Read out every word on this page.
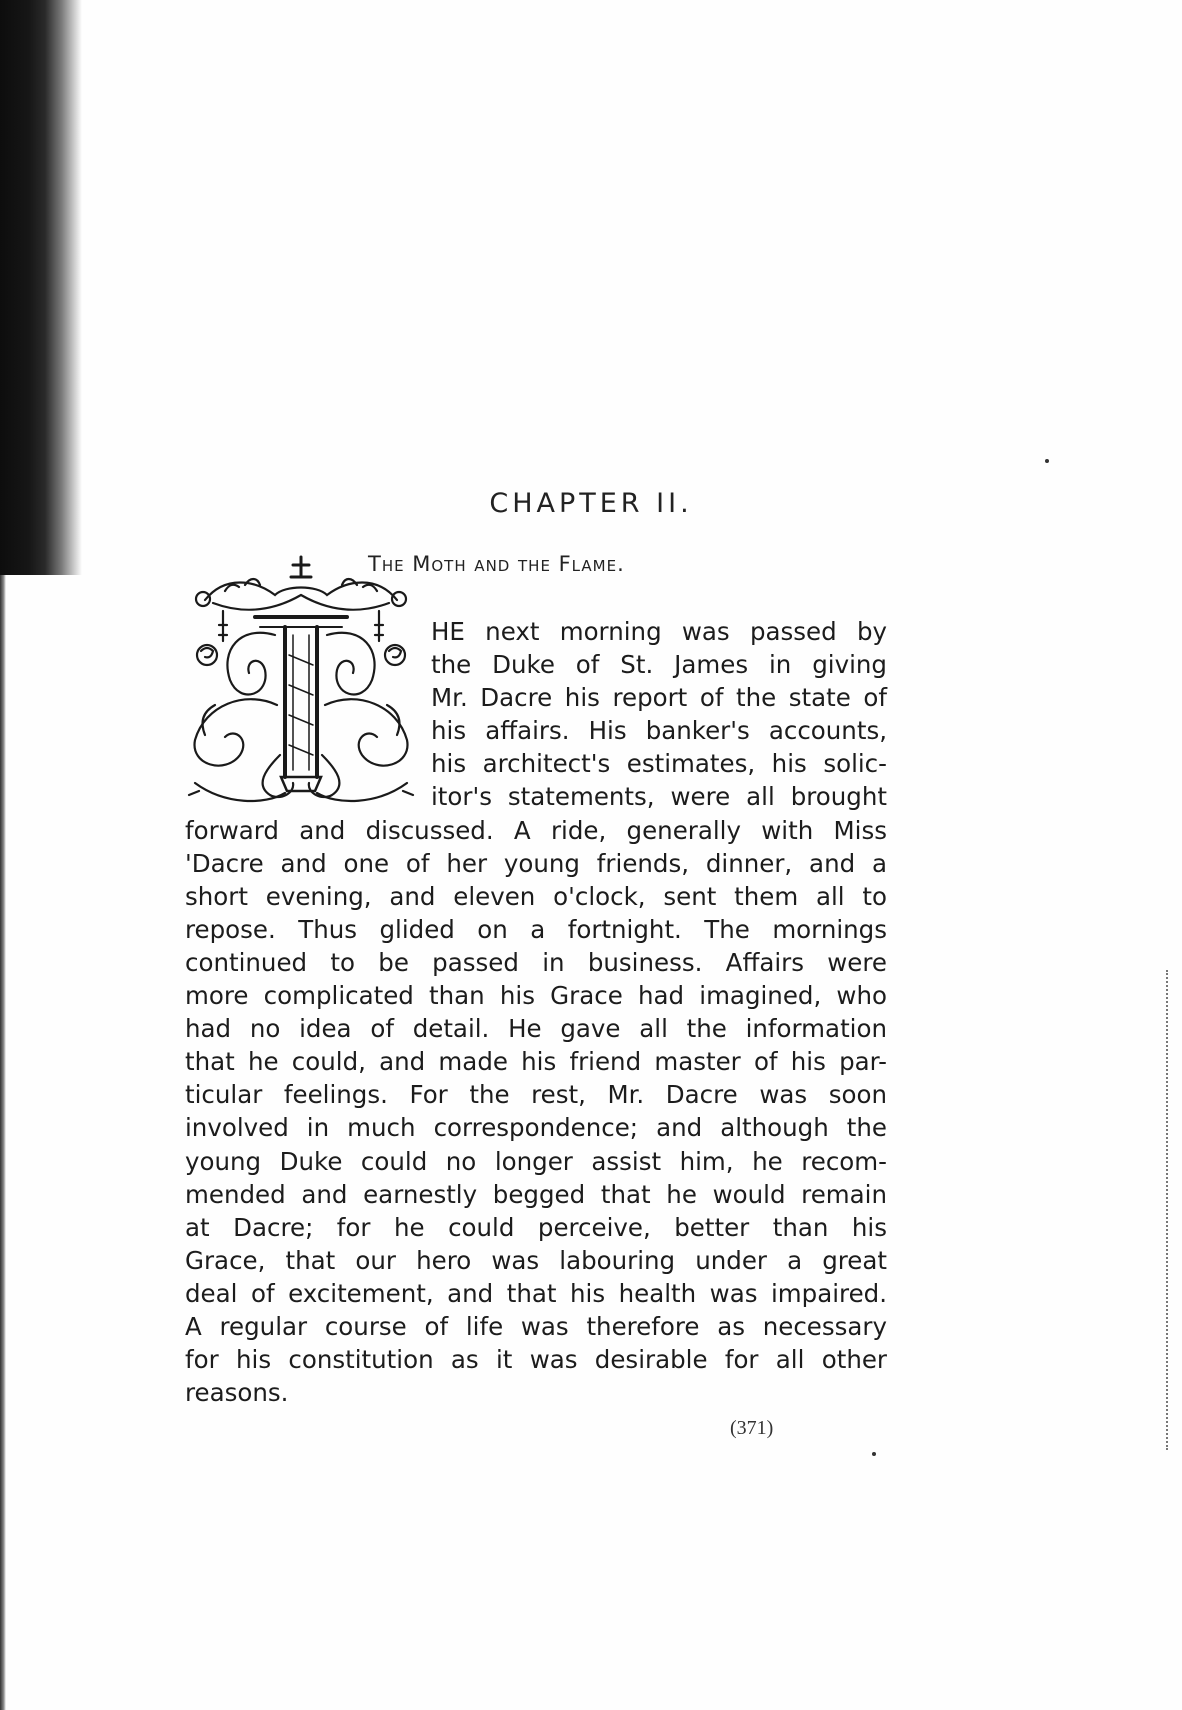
CHAPTER II.
The Moth and the Flame.
HE next morning was passed by
the Duke of St. James in giving
Mr. Dacre his report of the state of
his affairs. His banker's accounts,
his architect's estimates, his solic-
itor's statements, were all brought
forward and discussed. A ride, generally with Miss
'Dacre and one of her young friends, dinner, and a
short evening, and eleven o'clock, sent them all to
repose. Thus glided on a fortnight. The mornings
continued to be passed in business. Affairs were
more complicated than his Grace had imagined, who
had no idea of detail. He gave all the information
that he could, and made his friend master of his par-
ticular feelings. For the rest, Mr. Dacre was soon
involved in much correspondence; and although the
young Duke could no longer assist him, he recom-
mended and earnestly begged that he would remain
at Dacre; for he could perceive, better than his
Grace, that our hero was labouring under a great
deal of excitement, and that his health was impaired.
A regular course of life was therefore as necessary
for his constitution as it was desirable for all other
reasons.
(371)
